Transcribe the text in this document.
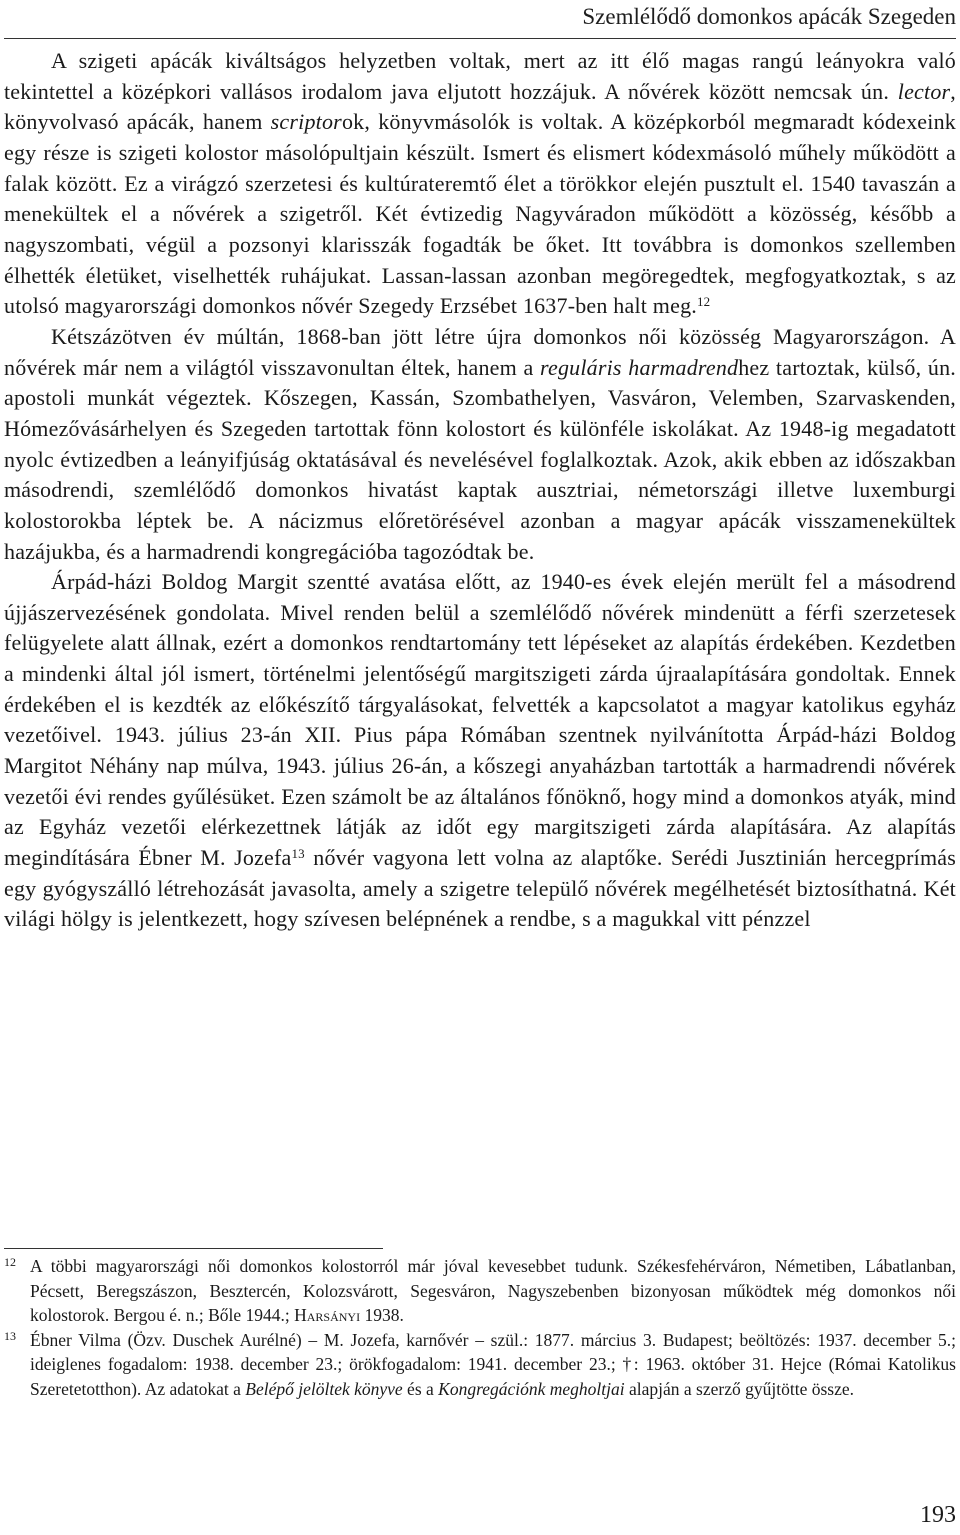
Szemlélődő domonkos apácák Szegeden

A szigeti apácák kiváltságos helyzetben voltak, mert az itt élő magas rangú leányokra való tekintettel a középkori vallásos irodalom java eljutott hozzájuk. A nővérek között nemcsak ún. lector, könyvolvasó apácák, hanem scriptorok, könyvmásolók is voltak. A középkorból megmaradt kódexeink egy része is szigeti kolostor másolópultjain készült. Ismert és elismert kódexmásoló műhely működött a falak között. Ez a virágzó szerzetesi és kultúrateremtő élet a törökkor elején pusztult el. 1540 tavaszán a menekültek el a nővérek a szigetről. Két évtizedig Nagyváradon működött a közösség, később a nagyszombati, végül a pozsonyi klarisszák fogadták be őket. Itt továbbra is domonkos szellemben élhették életüket, viselhették ruhájukat. Lassan-lassan azonban megöregedtek, megfogyatkoztak, s az utolsó magyarországi domonkos nővér Szegedy Erzsébet 1637-ben halt meg.$^{12}$

Kétszázötven év múltán, 1868-ban jött létre újra domonkos női közösség Magyarországon. A nővérek már nem a világtól visszavonultan éltek, hanem a reguláris harmadrendhez tartoztak, külső, ún. apostoli munkát végeztek. Kőszegen, Kassán, Szombathelyen, Vasváron, Velemben, Szarvaskenden, Hómezővásárhelyen és Szegeden tartottak fönn kolostort és különféle iskolákat. Az 1948-ig megadatott nyolc évtizedben a leányifjúság oktatásával és nevelésével foglalkoztak. Azok, akik ebben az időszakban másodrendi, szemlélődő domonkos hivatást kaptak ausztriai, németországi illetve luxemburgi kolostorokba léptek be. A nácizmus előretörésével azonban a magyar apácák visszamenekültek hazájukba, és a harmadrendi kongregációba tagozódtak be.

Árpád-házi Boldog Margit szentté avatása előtt, az 1940-es évek elején merült fel a másodrend újjászervezésének gondolata. Mivel renden belül a szemlélődő nővérek mindenütt a férfi szerzetesek felügyelete alatt állnak, ezért a domonkos rendtartomány tett lépéseket az alapítás érdekében. Kezdetben a mindenki által jól ismert, történelmi jelentőségű margitszigeti zárda újraalapítására gondoltak. Ennek érdekében el is kezdték az előkészítő tárgyalásokat, felvették a kapcsolatot a magyar katolikus egyház vezetőivel. 1943. július 23-án XII. Pius pápa Rómában szentnek nyilvánította Árpád-házi Boldog Margitot Néhány nap múlva, 1943. július 26-án, a kőszegi anyaházban tartották a harmadrendi nővérek vezetői évi rendes gyűlésüket. Ezen számolt be az általános főnöknő, hogy mind a domonkos atyák, mind az Egyház vezetői elérkezettnek látják az időt egy margitszigeti zárda alapítására. Az alapítás megindítására Ébner M. Jozefa$^{13}$ nővér vagyona lett volna az alaptőke. Serédi Jusztinián hercegprímás egy gyógyszálló létrehozását javasolta, amely a szigetre települő nővérek megélhetését biztosíthatná. Két világi hölgy is jelentkezett, hogy szívesen belépnének a rendbe, s a magukkal vitt pénzzel

12 A többi magyarországi női domonkos kolostorról már jóval kevesebbet tudunk. Székesfehérváron, Németiben, Lábatlanban, Pécsett, Beregszászon, Besztercén, Kolozsvárott, Segesváron, Nagyszebenben bizonyosan működtek még domonkos női kolostorok. Bergou é. n.; Bőle 1944.; Harsányi 1938.

13 Ébner Vilma (Özv. Duschek Aurélné) – M. Jozefa, karnővér – szül.: 1877. március 3. Budapest; beöltözés: 1937. december 5.; ideiglenes fogadalom: 1938. december 23.; örökfogadalom: 1941. december 23.; †: 1963. október 31. Hejce (Római Katolikus Szeretetotthon). Az adatokat a Belépő jelöltek könyve és a Kongregációnk megholtjai alapján a szerző gyűjtötte össze.

193
